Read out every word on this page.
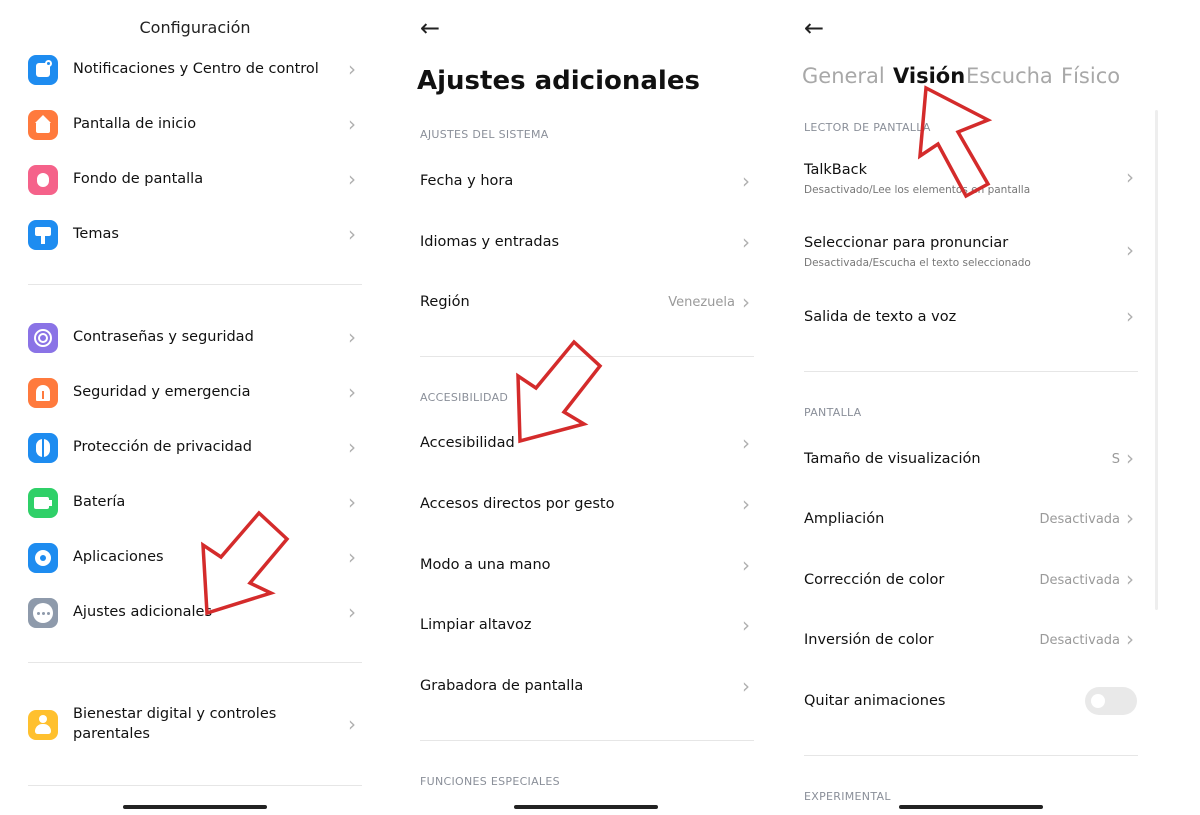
Configuración
Notificaciones y Centro de control ›
Pantalla de inicio	›
Fondo de pantalla	›
Temas	›
Contraseñas y seguridad	›
Seguridad y emergencia	›
Protección de privacidad	›
Batería	›
Aplicaciones	›
Ajustes adicionales	›
Bienestar digital y controles
parentales	›
←
Ajustes adicionales
AJUSTES DEL SISTEMA
Fecha y hora	›
Idiomas y entradas	›
Región	Venezuela ›
ACCESIBILIDAD
Accesibilidad	›
Accesos directos por gesto	›
Modo a una mano	›
Limpiar altavoz	›
Grabadora de pantalla	›
FUNCIONES ESPECIALES
←
General Visión Escucha Físico
LECTOR DE PANTALLA
TalkBack
Desactivado/Lee los elementos en pantalla
›
Seleccionar para pronunciar
Desactivada/Escucha el texto seleccionado
›
Salida de texto a voz	›
PANTALLA
Tamaño de visualización	S ›
Ampliación	Desactivada ›
Corrección de color	Desactivada ›
Inversión de color	Desactivada ›
Quitar animaciones
EXPERIMENTAL
